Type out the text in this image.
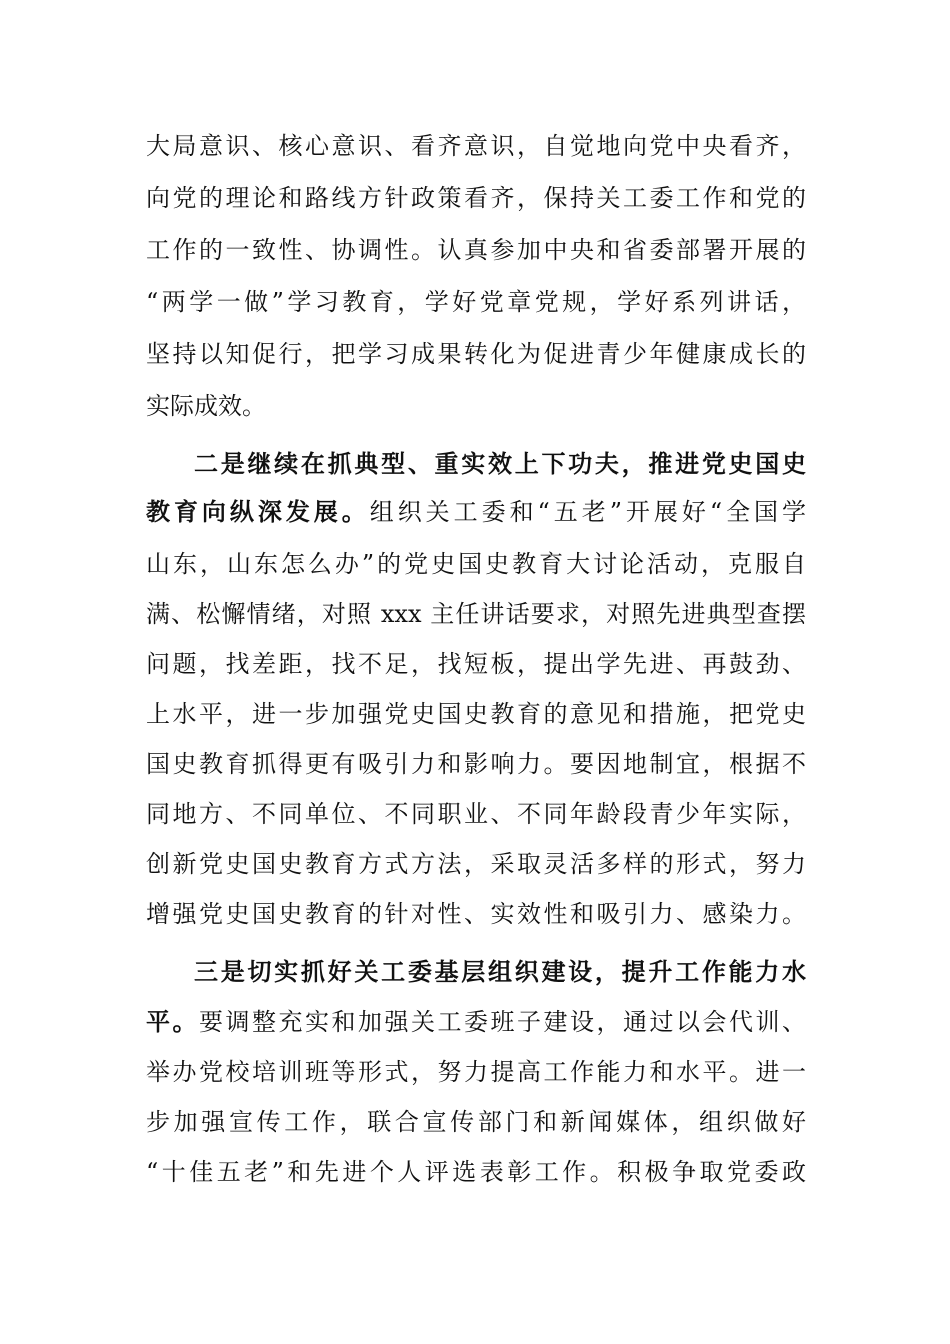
大局意识、核心意识、看齐意识，自觉地向党中央看齐，
向党的理论和路线方针政策看齐，保持关工委工作和党的
工作的一致性、协调性。认真参加中央和省委部署开展的
“两学一做”学习教育，学好党章党规，学好系列讲话，
坚持以知促行，把学习成果转化为促进青少年健康成长的
实际成效。
二是继续在抓典型、重实效上下功夫，推进党史国史
教育向纵深发展。组织关工委和“五老”开展好“全国学
山东，山东怎么办”的党史国史教育大讨论活动，克服自
满、松懈情绪，对照 xxx 主任讲话要求，对照先进典型查摆
问题，找差距，找不足，找短板，提出学先进、再鼓劲、
上水平，进一步加强党史国史教育的意见和措施，把党史
国史教育抓得更有吸引力和影响力。要因地制宜，根据不
同地方、不同单位、不同职业、不同年龄段青少年实际，
创新党史国史教育方式方法，采取灵活多样的形式，努力
增强党史国史教育的针对性、实效性和吸引力、感染力。
三是切实抓好关工委基层组织建设，提升工作能力水
平。要调整充实和加强关工委班子建设，通过以会代训、
举办党校培训班等形式，努力提高工作能力和水平。进一
步加强宣传工作，联合宣传部门和新闻媒体，组织做好
“十佳五老”和先进个人评选表彰工作。积极争取党委政
